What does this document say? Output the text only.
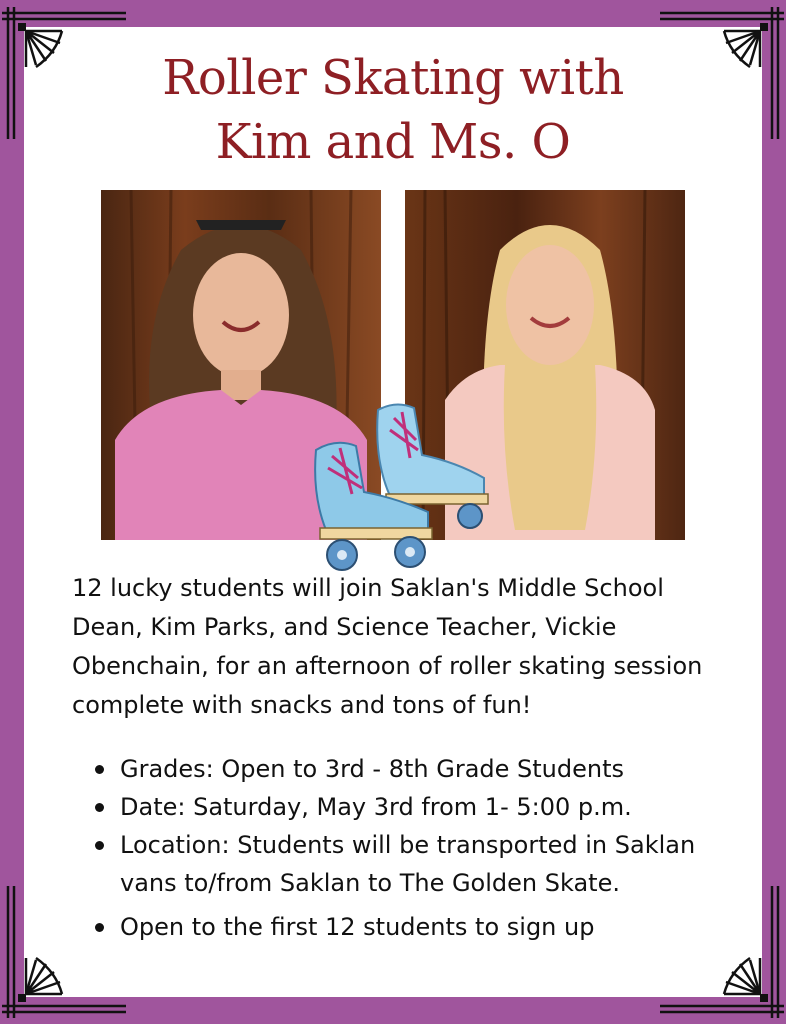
Roller Skating with
Kim and Ms. O
12 lucky students will join Saklan's Middle School Dean, Kim Parks, and Science Teacher, Vickie Obenchain, for an afternoon of roller skating session complete with snacks and tons of fun!
Grades: Open to 3rd - 8th Grade Students
Date: Saturday, May 3rd from 1- 5:00 p.m.
Location: Students will be transported in Saklan vans to/from Saklan to The Golden Skate.
Open to the first 12 students to sign up
